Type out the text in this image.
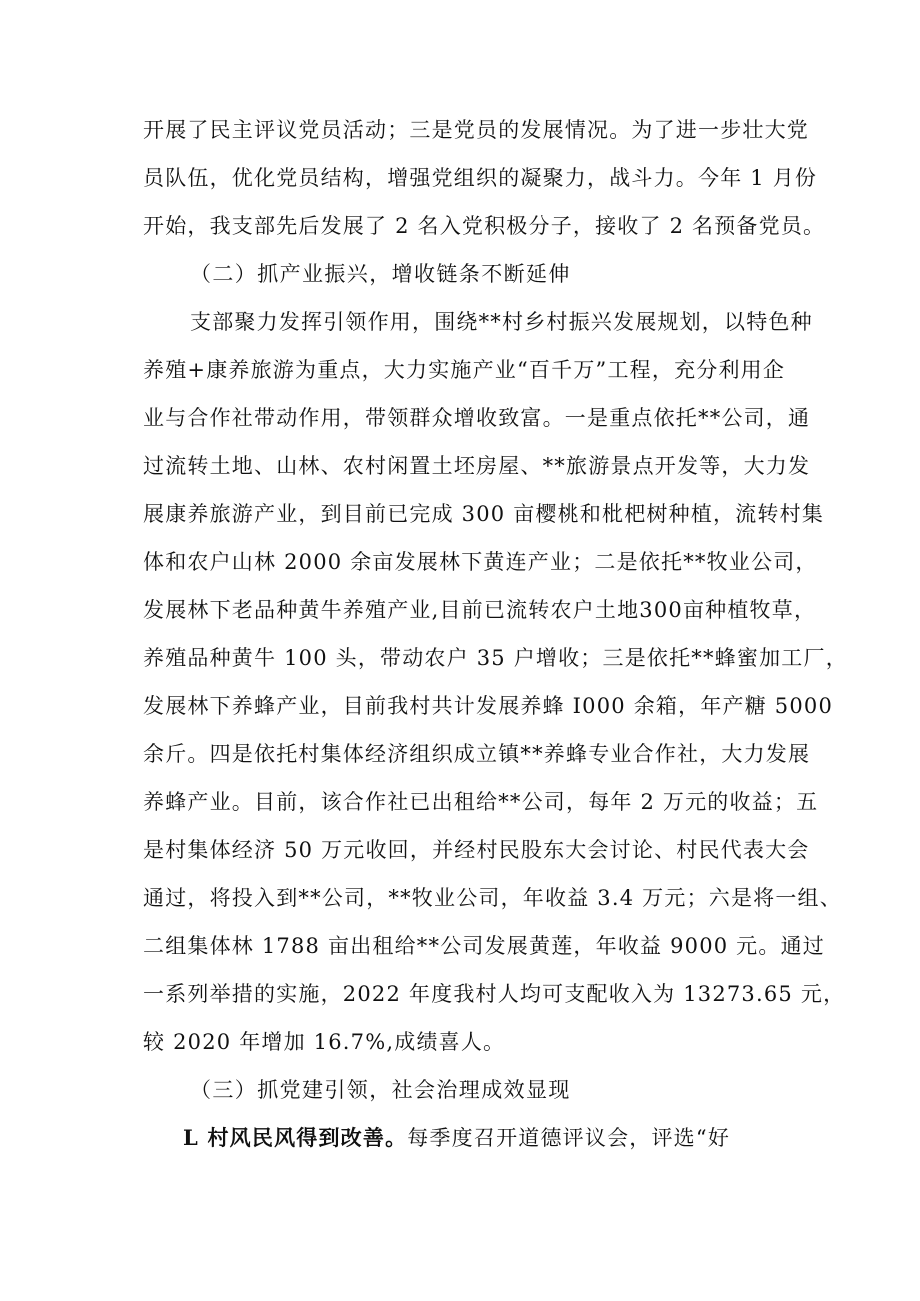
开展了民主评议党员活动；三是党员的发展情况。为了进一步壮大党
员队伍，优化党员结构，增强党组织的凝聚力，战斗力。今年 1 月份
开始，我支部先后发展了 2 名入党积极分子，接收了 2 名预备党员。
（二）抓产业振兴，增收链条不断延伸
支部聚力发挥引领作用，围绕**村乡村振兴发展规划，以特色种
养殖+康养旅游为重点，大力实施产业“百千万”工程，充分利用企
业与合作社带动作用，带领群众增收致富。一是重点依托**公司，通
过流转土地、山林、农村闲置土坯房屋、**旅游景点开发等，大力发
展康养旅游产业，到目前已完成 300 亩樱桃和枇杷树种植，流转村集
体和农户山林 2000 余亩发展林下黄连产业；二是依托**牧业公司，
发展林下老品种黄牛养殖产业,目前已流转农户土地300亩种植牧草，
养殖品种黄牛 100 头，带动农户 35 户增收；三是依托**蜂蜜加工厂，
发展林下养蜂产业，目前我村共计发展养蜂 I000 余箱，年产糖 5000
余斤。四是依托村集体经济组织成立镇**养蜂专业合作社，大力发展
养蜂产业。目前，该合作社已出租给**公司，每年 2 万元的收益；五
是村集体经济 50 万元收回，并经村民股东大会讨论、村民代表大会
通过，将投入到**公司，**牧业公司，年收益 3.4 万元；六是将一组、
二组集体林 1788 亩出租给**公司发展黄莲，年收益 9000 元。通过
一系列举措的实施，2022 年度我村人均可支配收入为 13273.65 元，
较 2020 年增加 16.7%,成绩喜人。
（三）抓党建引领，社会治理成效显现
L 村风民风得到改善。每季度召开道德评议会，评选“好
